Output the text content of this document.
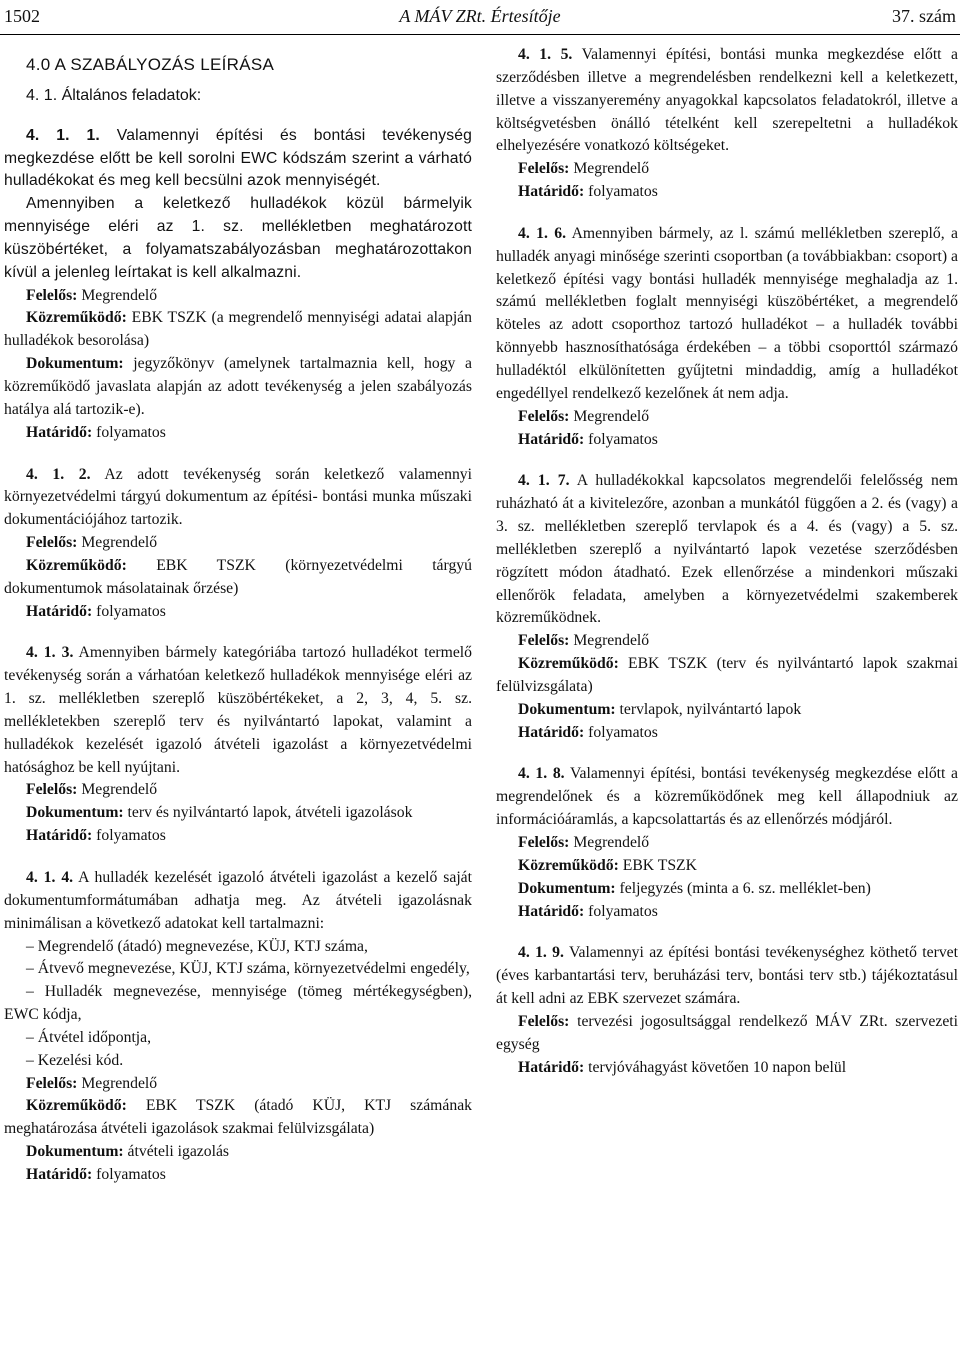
1502	A MÁV ZRt. Értesítője	37. szám
4.0 A SZABÁLYOZÁS LEÍRÁSA
4. 1. Általános feladatok:

4. 1. 1. Valamennyi építési és bontási tevékenység megkezdése előtt be kell sorolni EWC kódszám szerint a várható hulladékokat és meg kell becsülni azok mennyiségét.

Amennyiben a keletkező hulladékok közül bármelyik mennyisége eléri az 1. sz. mellékletben meghatározott küszöbértéket, a folyamatszabályozásban meghatározottakon kívül a jelenleg leírtakat is kell alkalmazni.

Felelős: Megrendelő

Közreműködő: EBK TSZK (a megrendelő mennyiségi adatai alapján hulladékok besorolása)

Dokumentum: jegyzőkönyv (amelynek tartalmaznia kell, hogy a közreműködő javaslata alapján az adott tevékenység a jelen szabályozás hatálya alá tartozik-e).

Határidő: folyamatos

4. 1. 2. Az adott tevékenység során keletkező valamennyi környezetvédelmi tárgyú dokumentum az építési- bontási munka műszaki dokumentációjához tartozik.

Felelős: Megrendelő

Közreműködő: EBK TSZK (környezetvédelmi tárgyú dokumentumok másolatainak őrzése)

Határidő: folyamatos

4. 1. 3. Amennyiben bármely kategóriába tartozó hulladékot termelő tevékenység során a várhatóan keletkező hulladékok mennyisége eléri az 1. sz. mellékletben szereplő küszöbértékeket, a 2, 3, 4, 5. sz. mellékletekben szereplő terv és nyilvántartó lapokat, valamint a hulladékok kezelését igazoló átvételi igazolást a környezetvédelmi hatósághoz be kell nyújtani.

Felelős: Megrendelő

Dokumentum: terv és nyilvántartó lapok, átvételi igazolások

Határidő: folyamatos

4. 1. 4. A hulladék kezelését igazoló átvételi igazolást a kezelő saját dokumentumformátumában adhatja meg. Az átvételi igazolásnak minimálisan a következő adatokat kell tartalmazni:

– Megrendelő (átadó) megnevezése, KÜJ, KTJ száma,

– Átvevő megnevezése, KÜJ, KTJ száma, környezetvédelmi engedély,

– Hulladék megnevezése, mennyisége (tömeg mértékegységben), EWC kódja,

– Átvétel időpontja,

– Kezelési kód.

Felelős: Megrendelő

Közreműködő: EBK TSZK (átadó KÜJ, KTJ számának meghatározása átvételi igazolások szakmai felülvizsgálata)

Dokumentum: átvételi igazolás

Határidő: folyamatos

4. 1. 5. Valamennyi építési, bontási munka megkezdése előtt a szerződésben illetve a megrendelésben rendelkezni kell a keletkezett, illetve a visszanyeremény anyagokkal kapcsolatos feladatokról, illetve a költségvetésben önálló tételként kell szerepeltetni a hulladékok elhelyezésére vonatkozó költségeket.

Felelős: Megrendelő

Határidő: folyamatos

4. 1. 6. Amennyiben bármely, az l. számú mellékletben szereplő, a hulladék anyagi minősége szerinti csoportban (a továbbiakban: csoport) a keletkező építési vagy bontási hulladék mennyisége meghaladja az 1. számú mellékletben foglalt mennyiségi küszöbértéket, a megrendelő köteles az adott csoporthoz tartozó hulladékot – a hulladék további könnyebb hasznosíthatósága érdekében – a többi csoporttól származó hulladéktól elkülönítetten gyűjtetni mindaddig, amíg a hulladékot engedéllyel rendelkező kezelőnek át nem adja.

Felelős: Megrendelő

Határidő: folyamatos

4. 1. 7. A hulladékokkal kapcsolatos megrendelői felelősség nem ruházható át a kivitelezőre, azonban a munkától függően a 2. és (vagy) a 3. sz. mellékletben szereplő tervlapok és a 4. és (vagy) a 5. sz. mellékletben szereplő a nyilvántartó lapok vezetése szerződésben rögzített módon átadható. Ezek ellenőrzése a mindenkori műszaki ellenőrök feladata, amelyben a környezetvédelmi szakemberek közreműködnek.

Felelős: Megrendelő

Közreműködő: EBK TSZK (terv és nyilvántartó lapok szakmai felülvizsgálata)

Dokumentum: tervlapok, nyilvántartó lapok

Határidő: folyamatos

4. 1. 8. Valamennyi építési, bontási tevékenység megkezdése előtt a megrendelőnek és a közreműködőnek meg kell állapodniuk az információáramlás, a kapcsolattartás és az ellenőrzés módjáról.

Felelős: Megrendelő

Közreműködő: EBK TSZK

Dokumentum: feljegyzés (minta a 6. sz. melléklet-ben)

Határidő: folyamatos

4. 1. 9. Valamennyi az építési bontási tevékenységhez köthető tervet (éves karbantartási terv, beruházási terv, bontási terv stb.) tájékoztatásul át kell adni az EBK szervezet számára.

Felelős: tervezési jogosultsággal rendelkező MÁV ZRt. szervezeti egység

Határidő: tervjóváhagyást követően 10 napon belül
